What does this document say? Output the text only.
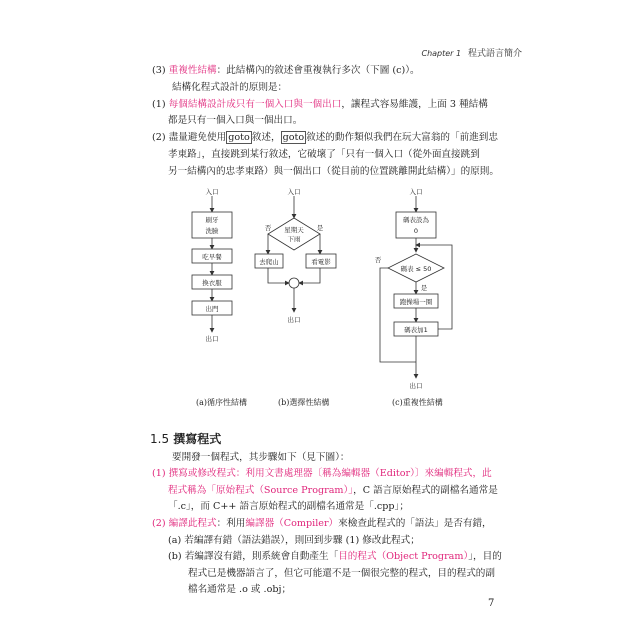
Chapter 1 程式語言簡介
(3) 重複性結構：此結構內的敘述會重複執行多次（下圖 (c)）。
結構化程式設計的原則是：
(1) 每個結構設計成只有一個入口與一個出口，讓程式容易維護，上面 3 種結構
都是只有一個入口與一個出口。
(2) 盡量避免使用 goto 敘述， goto 敘述的動作類似我們在玩大富翁的「前進到忠
孝東路」，直接跳到某行敘述，它破壞了「只有一個入口（從外面直接跳到
另一結構內的忠孝東路）與一個出口（從目前的位置跳離開此結構）」的原則。
入口
刷牙
洗臉
吃早餐
換衣服
出門
出口
入口
星期天
下雨
否	是
去爬山	看電影
出口
入口
碼表設為
0
碼表 ≤ 50
否
是
跑操場一圈
碼表加1
出口
(a)循序性結構	(b)選擇性結構	(c)重複性結構
1.5 撰寫程式
要開發一個程式，其步驟如下（見下圖）：
(1) 撰寫或修改程式：利用文書處理器〔稱為編輯器（Editor）〕來編輯程式，此
程式稱為「原始程式（Source Program）」，C 語言原始程式的副檔名通常是
「.c」，而 C++ 語言原始程式的副檔名通常是「.cpp」；
(2) 編譯此程式：利用編譯器（Compiler）來檢查此程式的「語法」是否有錯，
(a) 若編譯有錯（語法錯誤），則回到步驟 (1) 修改此程式；
(b) 若編譯沒有錯，則系統會自動產生「目的程式（Object Program）」，目的
程式已是機器語言了，但它可能還不是一個很完整的程式，目的程式的副
檔名通常是 .o 或 .obj；
7
